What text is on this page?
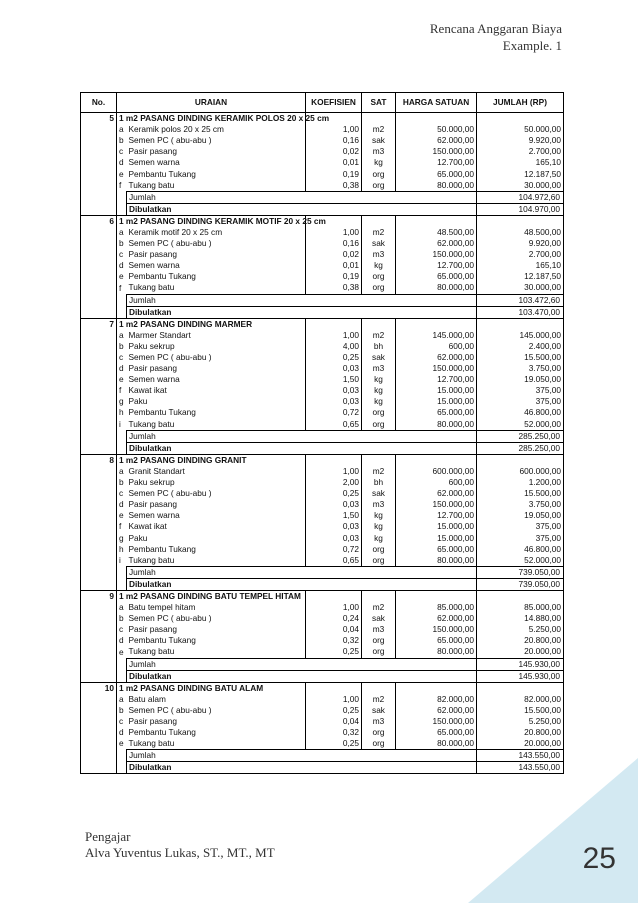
Rencana Anggaran Biaya
Example. 1
No.	URAIAN		KOEFISIEN	SAT	HARGA SATUAN	JUMLAH (RP)
5	1 m2 PASANG DINDING KERAMIK POLOS 20 x 25 cm					
	a	Keramik polos 20 x 25 cm	1,00	m2	50.000,00	50.000,00
	b	Semen PC ( abu-abu )	0,16	sak	62.000,00	9.920,00
	c	Pasir pasang	0,02	m3	150.000,00	2.700,00
	d	Semen warna	0,01	kg	12.700,00	165,10
	e	Pembantu Tukang	0,19	org	65.000,00	12.187,50
	f	Tukang batu	0,38	org	80.000,00	30.000,00
		Jumlah				104.972,60
		Dibulatkan				104.970,00
6	1 m2 PASANG DINDING KERAMIK MOTIF 20 x 25 cm					
	a	Keramik motif 20 x 25 cm	1,00	m2	48.500,00	48.500,00
	b	Semen PC ( abu-abu )	0,16	sak	62.000,00	9.920,00
	c	Pasir pasang	0,02	m3	150.000,00	2.700,00
	d	Semen warna	0,01	kg	12.700,00	165,10
	e	Pembantu Tukang	0,19	org	65.000,00	12.187,50
	f	Tukang batu	0,38	org	80.000,00	30.000,00
		Jumlah				103.472,60
		Dibulatkan				103.470,00
7	1 m2 PASANG DINDING MARMER					
	a	Marmer Standart	1,00	m2	145.000,00	145.000,00
	b	Paku sekrup	4,00	bh	600,00	2.400,00
	c	Semen PC ( abu-abu )	0,25	sak	62.000,00	15.500,00
	d	Pasir pasang	0,03	m3	150.000,00	3.750,00
	e	Semen warna	1,50	kg	12.700,00	19.050,00
	f	Kawat ikat	0,03	kg	15.000,00	375,00
	g	Paku	0,03	kg	15.000,00	375,00
	h	Pembantu Tukang	0,72	org	65.000,00	46.800,00
	i	Tukang batu	0,65	org	80.000,00	52.000,00
		Jumlah				285.250,00
		Dibulatkan				285.250,00
8	1 m2 PASANG DINDING GRANIT					
	a	Granit Standart	1,00	m2	600.000,00	600.000,00
	b	Paku sekrup	2,00	bh	600,00	1.200,00
	c	Semen PC ( abu-abu )	0,25	sak	62.000,00	15.500,00
	d	Pasir pasang	0,03	m3	150.000,00	3.750,00
	e	Semen warna	1,50	kg	12.700,00	19.050,00
	f	Kawat ikat	0,03	kg	15.000,00	375,00
	g	Paku	0,03	kg	15.000,00	375,00
	h	Pembantu Tukang	0,72	org	65.000,00	46.800,00
	i	Tukang batu	0,65	org	80.000,00	52.000,00
		Jumlah				739.050,00
		Dibulatkan				739.050,00
9	1 m2 PASANG DINDING BATU TEMPEL HITAM					
	a	Batu tempel hitam	1,00	m2	85.000,00	85.000,00
	b	Semen PC ( abu-abu )	0,24	sak	62.000,00	14.880,00
	c	Pasir pasang	0,04	m3	150.000,00	5.250,00
	d	Pembantu Tukang	0,32	org	65.000,00	20.800,00
	e	Tukang batu	0,25	org	80.000,00	20.000,00
		Jumlah				145.930,00
		Dibulatkan				145.930,00
10	1 m2 PASANG DINDING BATU ALAM					
	a	Batu alam	1,00	m2	82.000,00	82.000,00
	b	Semen PC ( abu-abu )	0,25	sak	62.000,00	15.500,00
	c	Pasir pasang	0,04	m3	150.000,00	5.250,00
	d	Pembantu Tukang	0,32	org	65.000,00	20.800,00
	e	Tukang batu	0,25	org	80.000,00	20.000,00
		Jumlah				143.550,00
		Dibulatkan				143.550,00
Pengajar
Alva Yuventus Lukas, ST., MT., MT	25
